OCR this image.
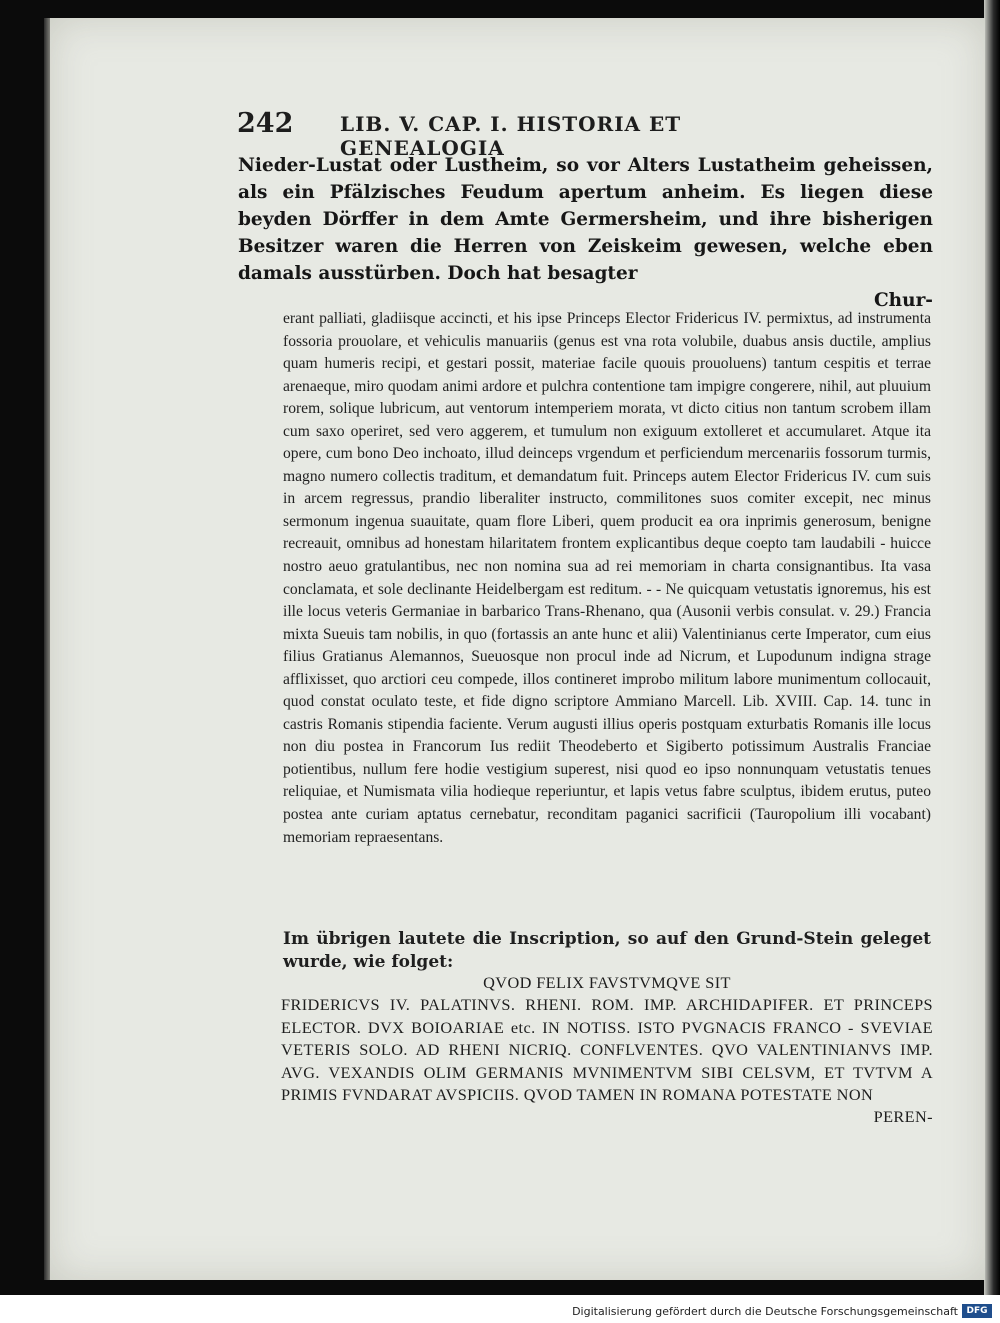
242 LIB. V. CAP. I. HISTORIA ET GENEALOGIA

Nieder-Lustat oder Lustheim, so vor Alters Lustatheim geheissen, als ein Pfälzisches Feudum apertum anheim. Es liegen diese beyden Dörffer in dem Amte Germersheim, und ihre bisherigen Besitzer waren die Herren von Zeiskeim gewesen, welche eben damals ausstürben. Doch hat besagter

Chur-

erant palliati, gladiisque accincti, et his ipse Princeps Elector Fridericus IV. permixtus, ad instrumenta fossoria prouolare, et vehiculis manuariis (genus est vna rota volubile, duabus ansis ductile, amplius quam humeris recipi, et gestari possit, materiae facile quouis prouoluens) tantum cespitis et terrae arenaeque, miro quodam animi ardore et pulchra contentione tam impigre congerere, nihil, aut pluuium rorem, solique lubricum, aut ventorum intemperiem morata, vt dicto citius non tantum scrobem illam cum saxo operiret, sed vero aggerem, et tumulum non exiguum extolleret et accumularet. Atque ita opere, cum bono Deo inchoato, illud deinceps vrgendum et perficiendum mercenariis fossorum turmis, magno numero collectis traditum, et demandatum fuit. Princeps autem Elector Fridericus IV. cum suis in arcem regressus, prandio liberaliter instructo, commilitones suos comiter excepit, nec minus sermonum ingenua suauitate, quam flore Liberi, quem producit ea ora inprimis generosum, benigne recreauit, omnibus ad honestam hilaritatem frontem explicantibus deque coepto tam laudabili - huicce nostro aeuo gratulantibus, nec non nomina sua ad rei memoriam in charta consignantibus. Ita vasa conclamata, et sole declinante Heidelbergam est reditum. - - Ne quicquam vetustatis ignoremus, his est ille locus veteris Germaniae in barbarico Trans-Rhenano, qua (Ausonii verbis consulat. v. 29.) Francia mixta Sueuis tam nobilis, in quo (fortassis an ante hunc et alii) Valentinianus certe Imperator, cum eius filius Gratianus Alemannos, Sueuosque non procul inde ad Nicrum, et Lupodunum indigna strage afflixisset, quo arctiori ceu compede, illos contineret improbo militum labore munimentum collocauit, quod constat oculato teste, et fide digno scriptore Ammiano Marcell. Lib. XVIII. Cap. 14. tunc in castris Romanis stipendia faciente. Verum augusti illius operis postquam exturbatis Romanis ille locus non diu postea in Francorum Ius rediit Theodeberto et Sigiberto potissimum Australis Franciae potientibus, nullum fere hodie vestigium superest, nisi quod eo ipso nonnunquam vetustatis tenues reliquiae, et Numismata vilia hodieque reperiuntur, et lapis vetus fabre sculptus, ibidem erutus, puteo postea ante curiam aptatus cernebatur, reconditam paganici sacrificii (Tauropolium illi vocabant) memoriam repraesentans.

Im übrigen lautete die Inscription, so auf den Grund-Stein geleget wurde, wie folget:

QVOD FELIX FAVSTVMQVE SIT

FRIDERICVS IV. PALATINVS. RHENI. ROM. IMP. ARCHIDAPIFER. ET PRINCEPS ELECTOR. DVX BOIOARIAE etc. IN NOTISS. ISTO PVGNACIS FRANCO - SVEVIAE VETERIS SOLO. AD RHENI NICRIQ. CONFLVENTES. QVO VALENTINIANVS IMP. AVG. VEXANDIS OLIM GERMANIS MVNIMENTVM SIBI CELSVM, ET TVTVM A PRIMIS FVNDARAT AVSPICIIS. QVOD TAMEN IN ROMANA POTESTATE NON

PEREN-

Digitalisierung gefördert durch die Deutsche Forschungsgemeinschaft DFG
